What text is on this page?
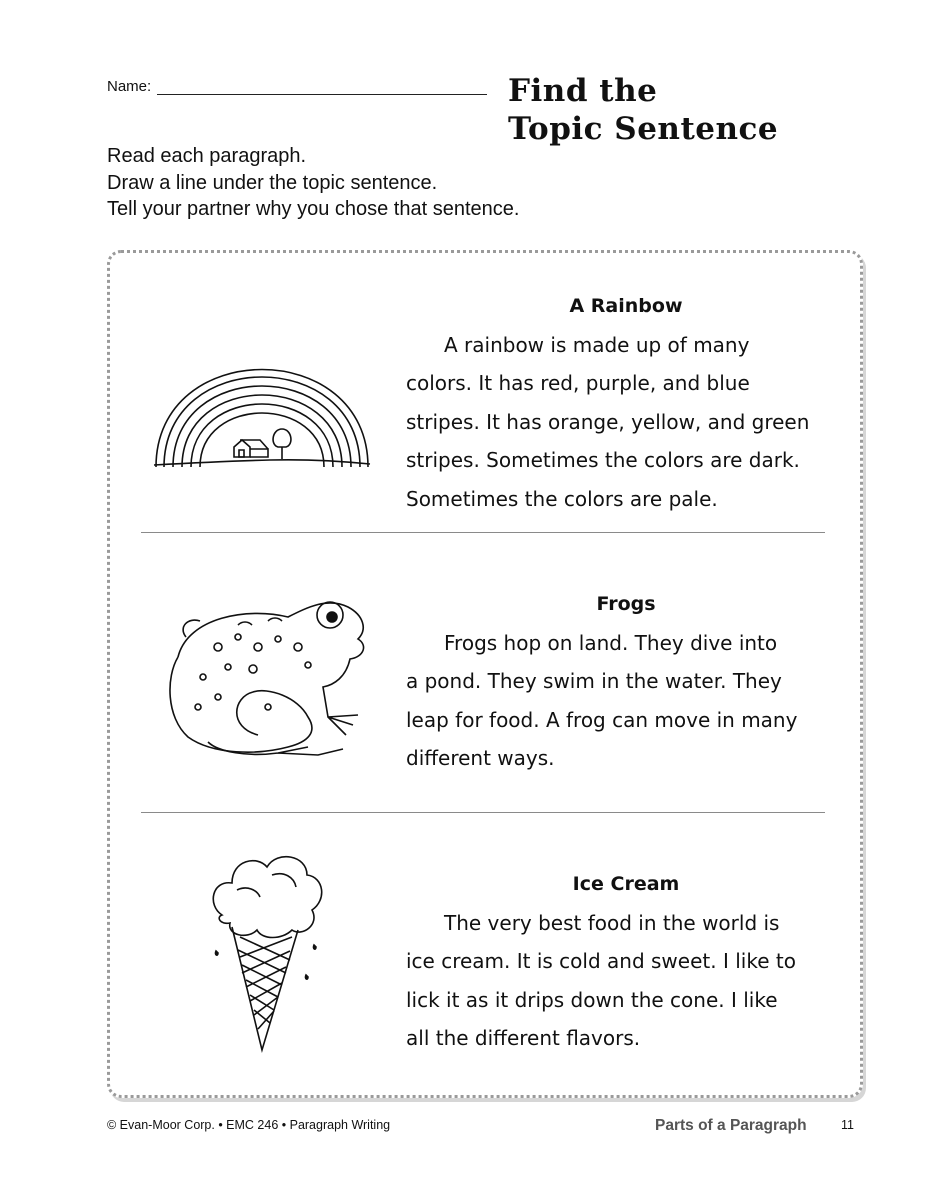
Name:	Find the
Topic Sentence
Read each paragraph.
Draw a line under the topic sentence.
Tell your partner why you chose that sentence.
A Rainbow
A rainbow is made up of many
colors. It has red, purple, and blue
stripes. It has orange, yellow, and green
stripes. Sometimes the colors are dark.
Sometimes the colors are pale.
Frogs
Frogs hop on land. They dive into
a pond. They swim in the water. They
leap for food. A frog can move in many
different ways.
Ice Cream
The very best food in the world is
ice cream. It is cold and sweet. I like to
lick it as it drips down the cone. I like
all the different flavors.
© Evan-Moor Corp. • EMC 246 • Paragraph Writing	Parts of a Paragraph	11
